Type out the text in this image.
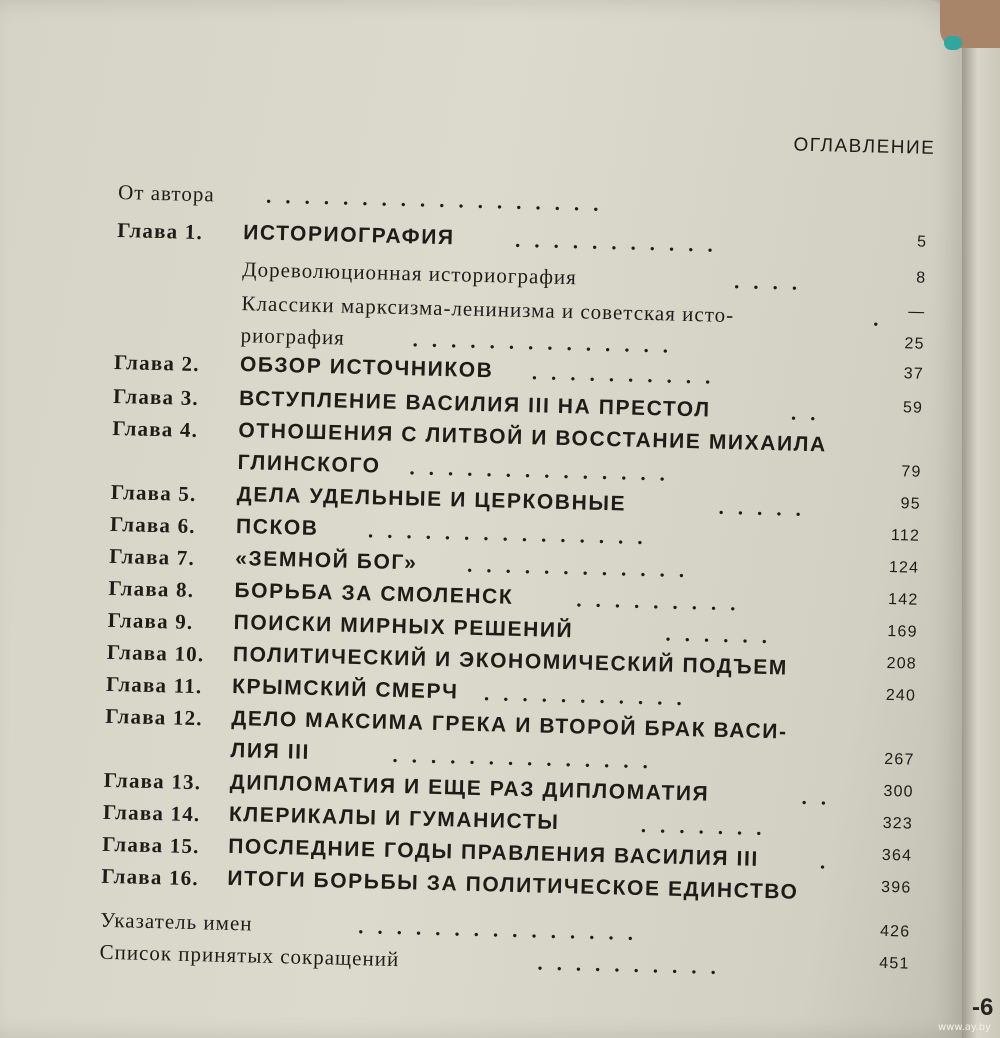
ОГЛАВЛЕНИЕ
От автора ..................
Глава 1. ИСТОРИОГРАФИЯ	...........	5
Дореволюционная историография	....	8
Классики марксизма-ленинизма и советская исто-	. —
риография	..............	25
Глава 2. ОБЗОР ИСТОЧНИКОВ ..........	37
Глава 3. ВСТУПЛЕНИЕ ВАСИЛИЯ III НА ПРЕСТОЛ	..	59
Глава 4. ОТНОШЕНИЯ С ЛИТВОЙ И ВОССТАНИЕ МИХАИЛА
ГЛИНСКОГО ..............	79
Глава 5. ДЕЛА УДЕЛЬНЫЕ И ЦЕРКОВНЫЕ	.....	95
Глава 6. ПСКОВ ...............	112
Глава 7. «ЗЕМНОЙ БОГ» ............	124
Глава 8. БОРЬБА ЗА СМОЛЕНСК	.........	142
Глава 9. ПОИСКИ МИРНЫХ РЕШЕНИЙ	......	169
Глава 10. ПОЛИТИЧЕСКИЙ И ЭКОНОМИЧЕСКИЙ ПОДЪЕМ	208
Глава 11. КРЫМСКИЙ СМЕРЧ ...........	240
Глава 12. ДЕЛО МАКСИМА ГРЕКА И ВТОРОЙ БРАК ВАСИ-
ЛИЯ III	..............	267
Глава 13. ДИПЛОМАТИЯ И ЕЩЕ РАЗ ДИПЛОМАТИЯ	..	300
Глава 14. КЛЕРИКАЛЫ И ГУМАНИСТЫ	.......	323
Глава 15. ПОСЛЕДНИЕ ГОДЫ ПРАВЛЕНИЯ ВАСИЛИЯ III	.	364
Глава 16. ИТОГИ БОРЬБЫ ЗА ПОЛИТИЧЕСКОЕ ЕДИНСТВО	396
Указатель имен	...............	426
Список принятых сокращений	..........	451
-6
www.ay.by
